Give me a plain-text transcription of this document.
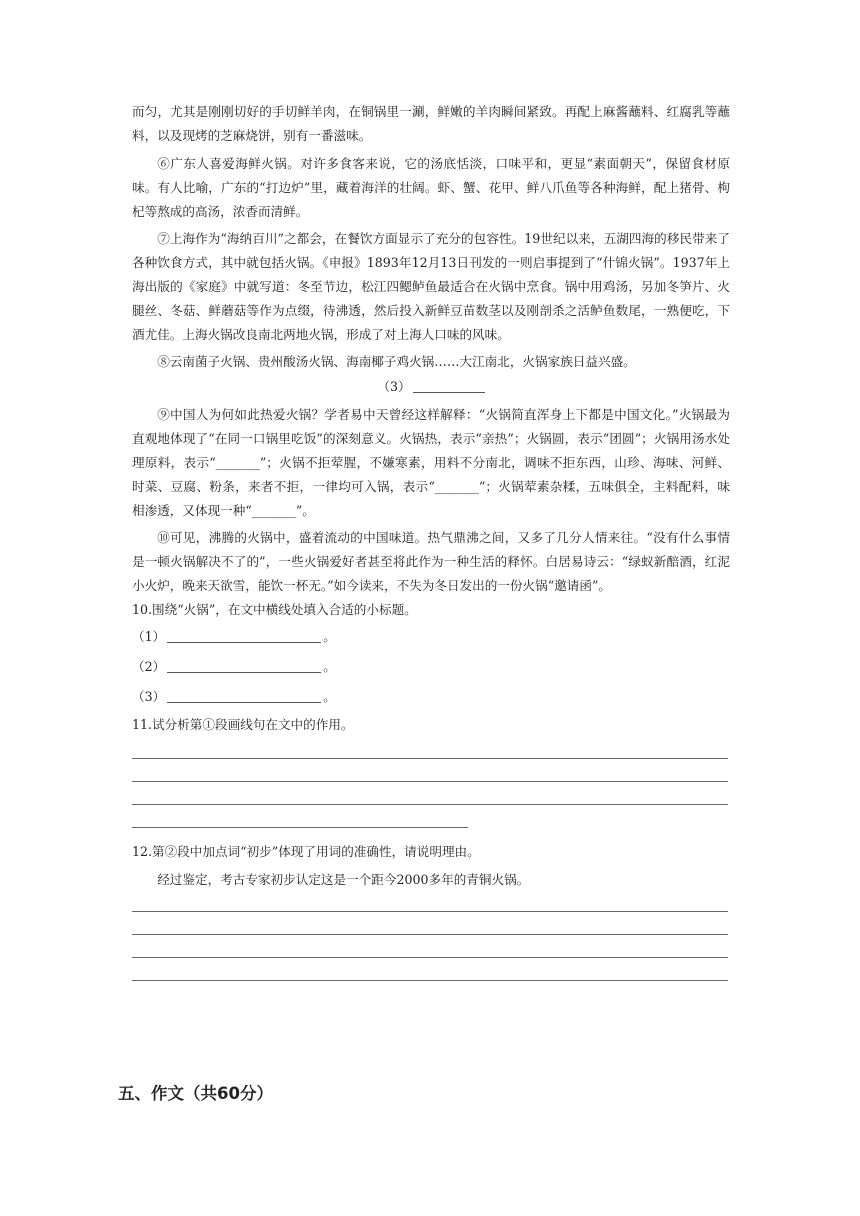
而匀，尤其是刚刚切好的手切鲜羊肉，在铜锅里一涮，鲜嫩的羊肉瞬间紧致。再配上麻酱蘸料、红腐乳等蘸料，以及现烤的芝麻烧饼，别有一番滋味。

⑥广东人喜爱海鲜火锅。对许多食客来说，它的汤底恬淡，口味平和，更显“素面朝天”，保留食材原味。有人比喻，广东的“打边炉”里，藏着海洋的壮阔。虾、蟹、花甲、鲜八爪鱼等各种海鲜，配上猪骨、枸杞等熬成的高汤，浓香而清鲜。

⑦上海作为“海纳百川”之都会，在餐饮方面显示了充分的包容性。19世纪以来，五湖四海的移民带来了各种饮食方式，其中就包括火锅。《申报》1893年12月13日刊发的一则启事提到了“什锦火锅”。1937年上海出版的《家庭》中就写道：冬至节边，松江四鳃鲈鱼最适合在火锅中烹食。锅中用鸡汤，另加冬笋片、火腿丝、冬菇、鲜蘑菇等作为点缀，待沸透，然后投入新鲜豆苗数茎以及刚剖杀之活鲈鱼数尾，一熟便吃，下酒尤佳。上海火锅改良南北两地火锅，形成了对上海人口味的风味。

⑧云南菌子火锅、贵州酸汤火锅、海南椰子鸡火锅……大江南北，火锅家族日益兴盛。

（3）

⑨中国人为何如此热爱火锅？学者易中天曾经这样解释：“火锅简直浑身上下都是中国文化。”火锅最为直观地体现了“在同一口锅里吃饭”的深刻意义。火锅热，表示“亲热”；火锅圆，表示“团圆”；火锅用汤水处理原料，表示“_______”；火锅不拒荤腥，不嫌寒素，用料不分南北，调味不拒东西，山珍、海味、河鲜、时菜、豆腐、粉条，来者不拒，一律均可入锅，表示“_______”；火锅荤素杂糅，五味俱全，主料配料，味相渗透，又体现一种“_______”。

⑩可见，沸腾的火锅中，盛着流动的中国味道。热气鼎沸之间，又多了几分人情来往。“没有什么事情是一顿火锅解决不了的”，一些火锅爱好者甚至将此作为一种生活的释怀。白居易诗云：“绿蚁新醅酒，红泥小火炉，晚来天欲雪，能饮一杯无。”如今读来，不失为冬日发出的一份火锅“邀请函”。

10.围绕“火锅”，在文中横线处填入合适的小标题。

（1）	。

（2）	。

（3）	。

11.试分析第①段画线句在文中的作用。

12.第②段中加点词“初步”体现了用词的准确性，请说明理由。

经过鉴定，考古专家初步认定这是一个距今2000多年的青铜火锅。

五、作文（共60分）
